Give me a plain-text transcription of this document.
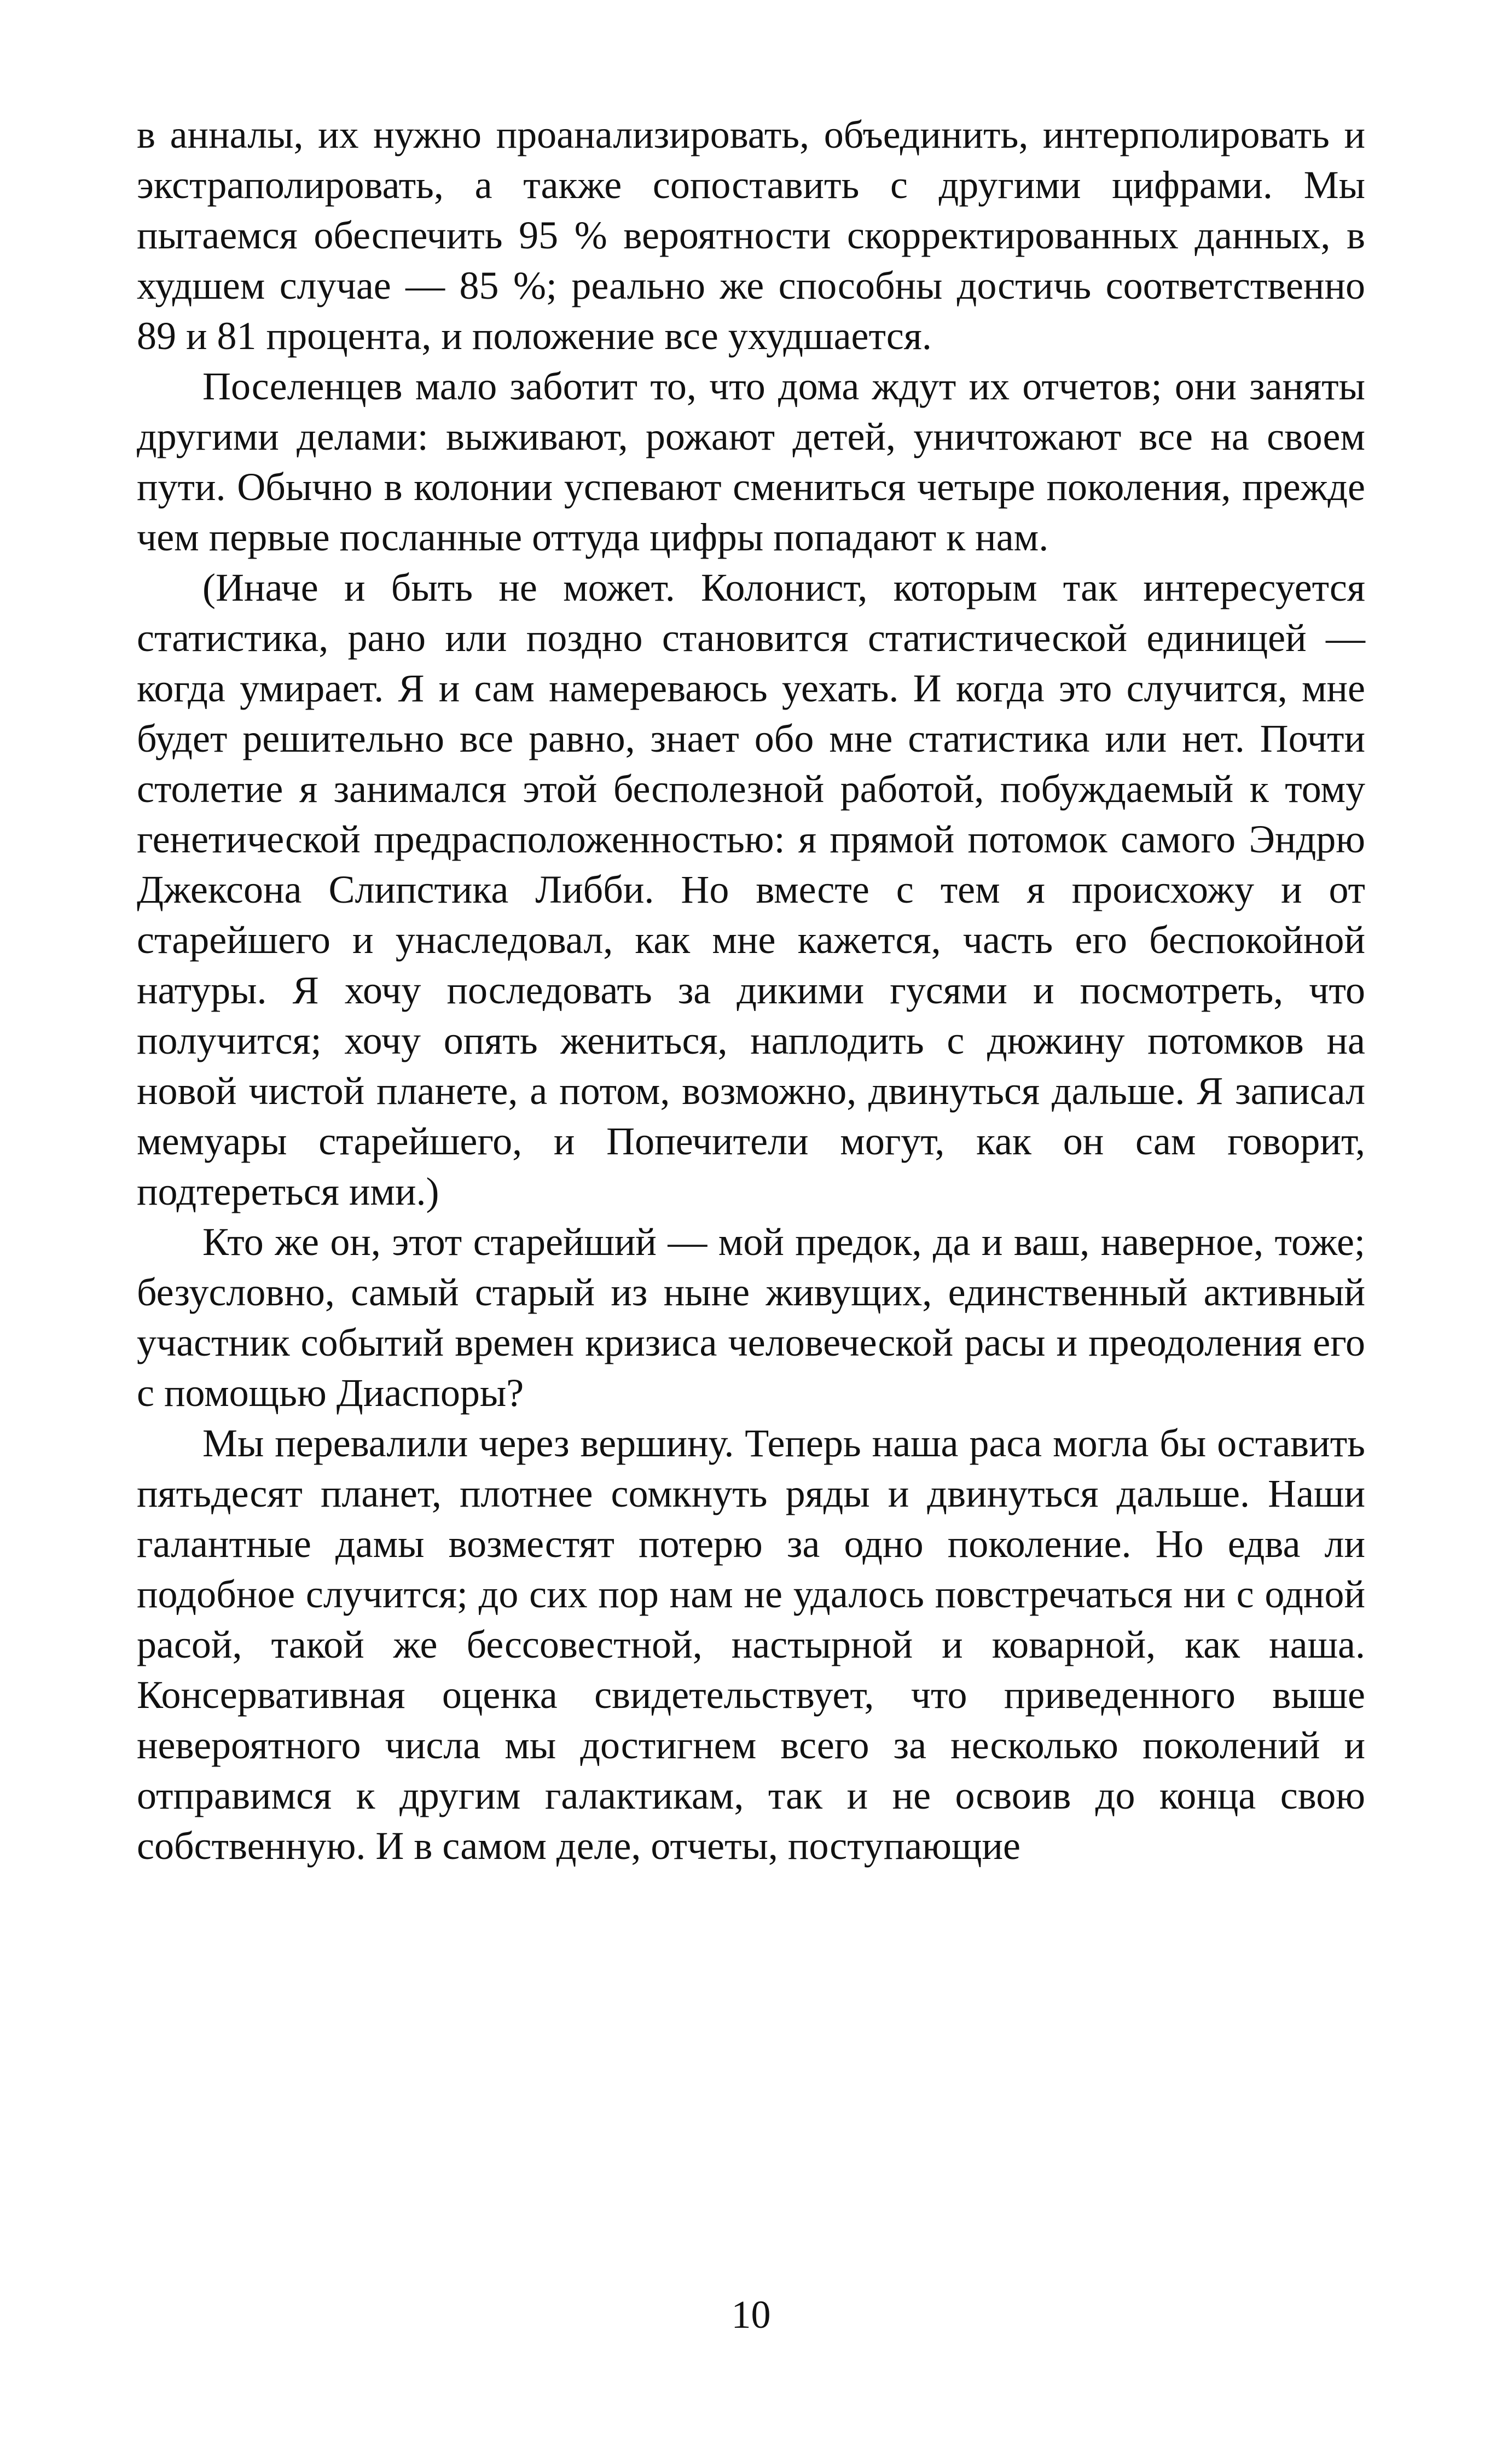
в анналы, их нужно проанализировать, объединить, интерполировать и экстраполировать, а также сопоставить с другими цифрами. Мы пытаемся обеспечить 95 % вероятности скорректированных данных, в худшем случае — 85 %; реально же способны достичь соответственно 89 и 81 процента, и положение все ухудшается.

Поселенцев мало заботит то, что дома ждут их отчетов; они заняты другими делами: выживают, рожают детей, уничтожают все на своем пути. Обычно в колонии успевают смениться четыре поколения, прежде чем первые посланные оттуда цифры попадают к нам.

(Иначе и быть не может. Колонист, которым так интересуется статистика, рано или поздно становится статистической единицей — когда умирает. Я и сам намереваюсь уехать. И когда это случится, мне будет решительно все равно, знает обо мне статистика или нет. Почти столетие я занимался этой бесполезной работой, побуждаемый к тому генетической предрасположенностью: я прямой потомок самого Эндрю Джексона Слипстика Либби. Но вместе с тем я происхожу и от старейшего и унаследовал, как мне кажется, часть его беспокойной натуры. Я хочу последовать за дикими гусями и посмотреть, что получится; хочу опять жениться, наплодить с дюжину потомков на новой чистой планете, а потом, возможно, двинуться дальше. Я записал мемуары старейшего, и Попечители могут, как он сам говорит, подтереться ими.)

Кто же он, этот старейший — мой предок, да и ваш, наверное, тоже; безусловно, самый старый из ныне живущих, единственный активный участник событий времен кризиса человеческой расы и преодоления его с помощью Диаспоры?

Мы перевалили через вершину. Теперь наша раса могла бы оставить пятьдесят планет, плотнее сомкнуть ряды и двинуться дальше. Наши галантные дамы возместят потерю за одно поколение. Но едва ли подобное случится; до сих пор нам не удалось повстречаться ни с одной расой, такой же бессовестной, настырной и коварной, как наша. Консервативная оценка свидетельствует, что приведенного выше невероятного числа мы достигнем всего за несколько поколений и отправимся к другим галактикам, так и не освоив до конца свою собственную. И в самом деле, отчеты, поступающие

10
